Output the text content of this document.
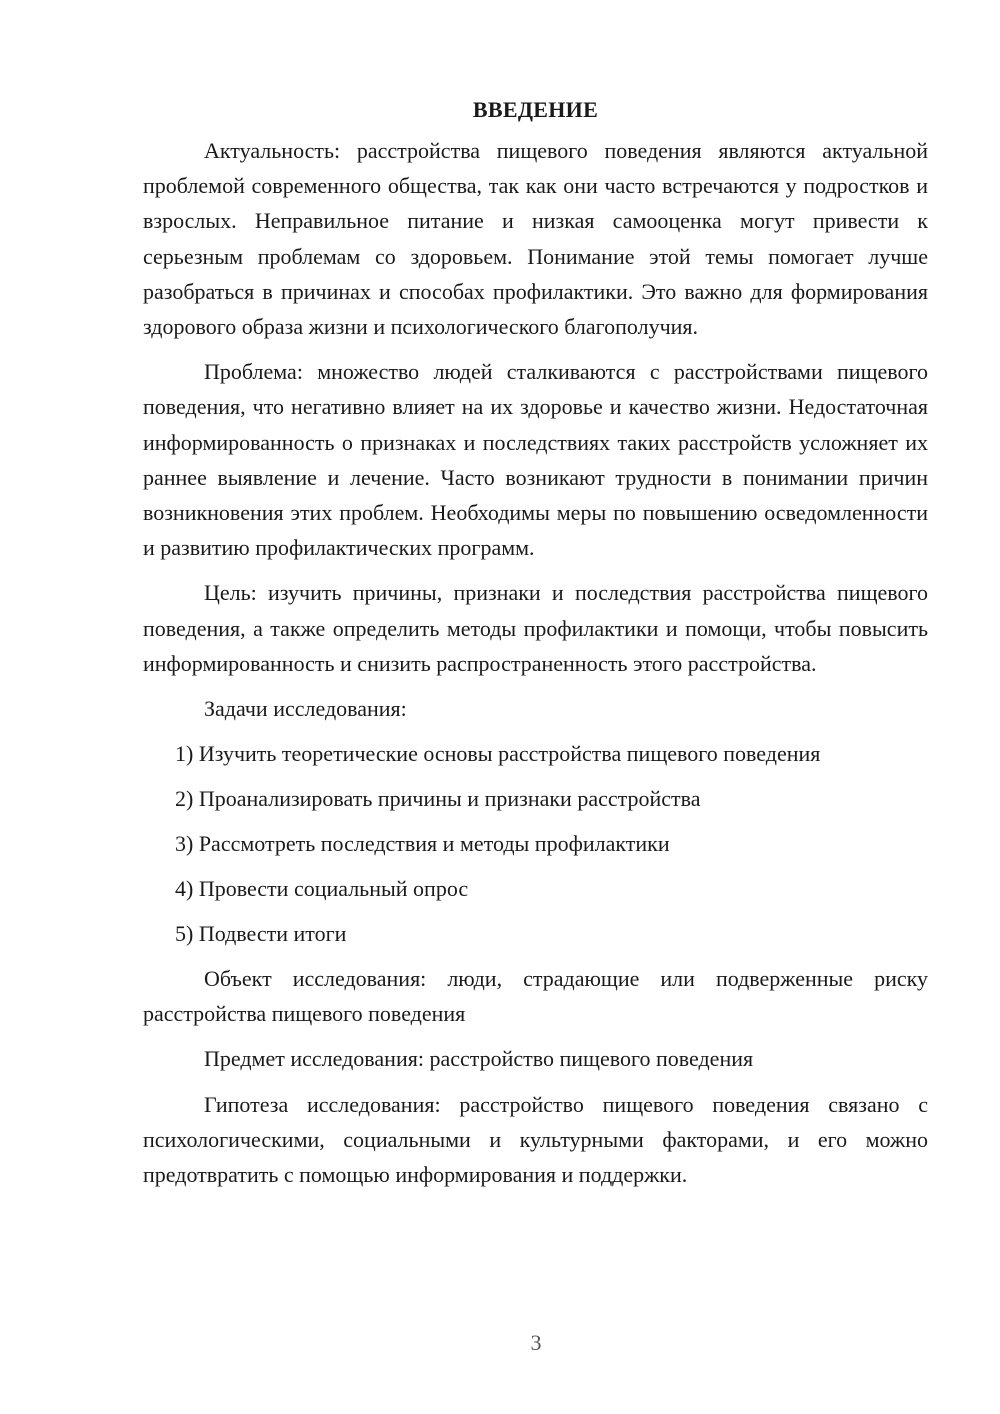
ВВЕДЕНИЕ

Актуальность: расстройства пищевого поведения являются актуальной проблемой современного общества, так как они часто встречаются у подростков и взрослых. Неправильное питание и низкая самооценка могут привести к серьезным проблемам со здоровьем. Понимание этой темы помогает лучше разобраться в причинах и способах профилактики. Это важно для формирования здорового образа жизни и психологического благополучия.

Проблема: множество людей сталкиваются с расстройствами пищевого поведения, что негативно влияет на их здоровье и качество жизни. Недостаточная информированность о признаках и последствиях таких расстройств усложняет их раннее выявление и лечение. Часто возникают трудности в понимании причин возникновения этих проблем. Необходимы меры по повышению осведомленности и развитию профилактических программ.

Цель: изучить причины, признаки и последствия расстройства пищевого поведения, а также определить методы профилактики и помощи, чтобы повысить информированность и снизить распространенность этого расстройства.

Задачи исследования:

1) Изучить теоретические основы расстройства пищевого поведения
2) Проанализировать причины и признаки расстройства
3) Рассмотреть последствия и методы профилактики
4) Провести социальный опрос
5) Подвести итоги

Объект исследования: люди, страдающие или подверженные риску расстройства пищевого поведения

Предмет исследования: расстройство пищевого поведения

Гипотеза исследования: расстройство пищевого поведения связано с психологическими, социальными и культурными факторами, и его можно предотвратить с помощью информирования и поддержки.

3
